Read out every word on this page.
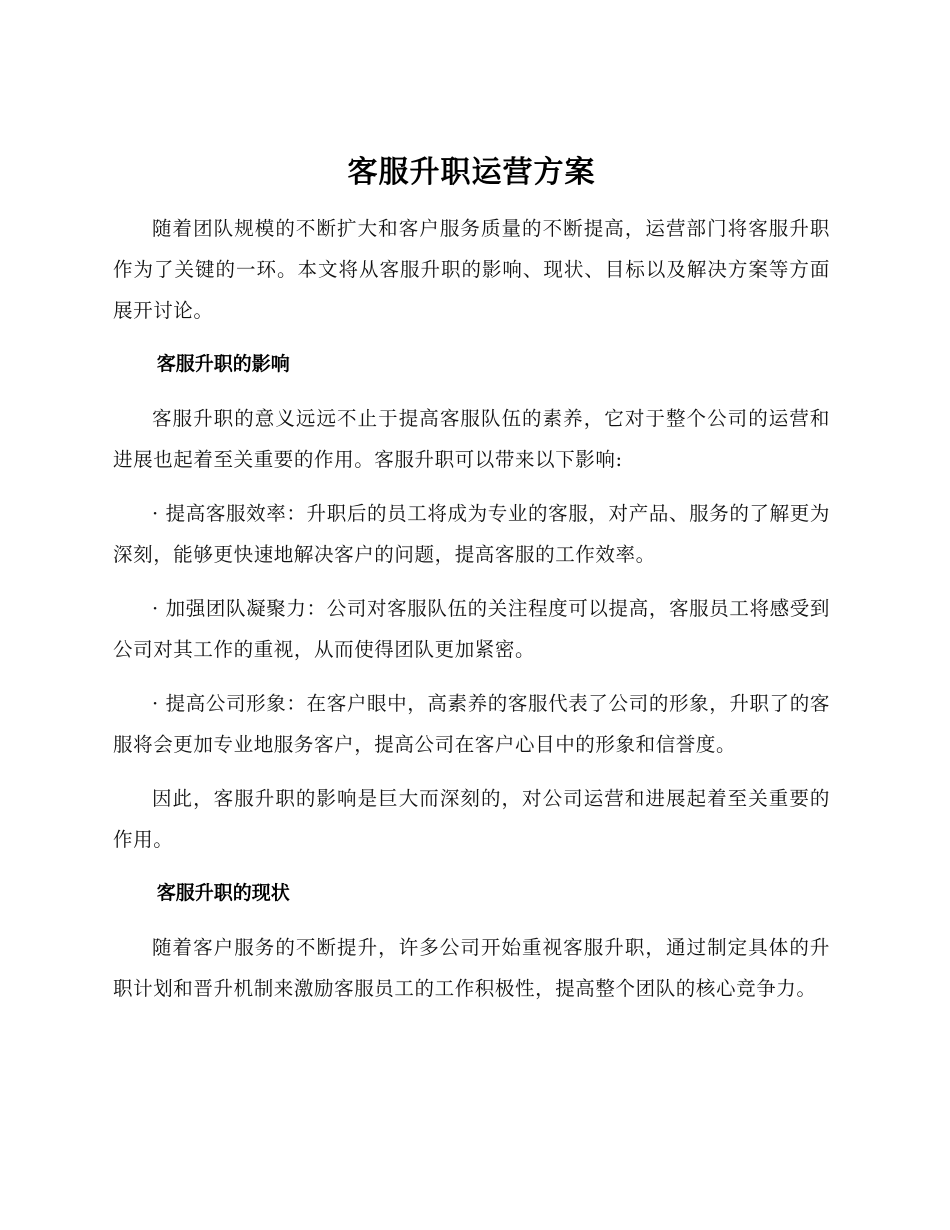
客服升职运营方案

随着团队规模的不断扩大和客户服务质量的不断提高，运营部门将客服升职作为了关键的一环。本文将从客服升职的影响、现状、目标以及解决方案等方面展开讨论。

客服升职的影响

客服升职的意义远远不止于提高客服队伍的素养，它对于整个公司的运营和进展也起着至关重要的作用。客服升职可以带来以下影响:

· 提高客服效率：升职后的员工将成为专业的客服，对产品、服务的了解更为深刻，能够更快速地解决客户的问题，提高客服的工作效率。

· 加强团队凝聚力：公司对客服队伍的关注程度可以提高，客服员工将感受到公司对其工作的重视，从而使得团队更加紧密。

· 提高公司形象：在客户眼中，高素养的客服代表了公司的形象，升职了的客服将会更加专业地服务客户，提高公司在客户心目中的形象和信誉度。

因此，客服升职的影响是巨大而深刻的，对公司运营和进展起着至关重要的作用。

客服升职的现状

随着客户服务的不断提升，许多公司开始重视客服升职，通过制定具体的升职计划和晋升机制来激励客服员工的工作积极性，提高整个团队的核心竞争力。
